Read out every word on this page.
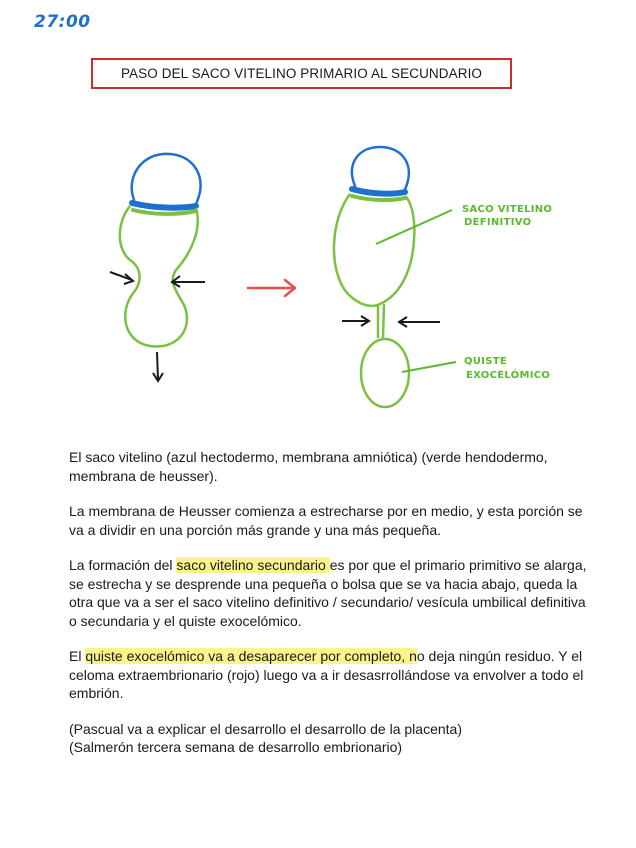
27:00
PASO DEL SACO VITELINO PRIMARIO AL SECUNDARIO
SACO VITELINO
DEFINITIVO
QUISTE
EXOCELÓMICO

El saco vitelino (azul hectodermo, membrana amniótica) (verde hendodermo, membrana de heusser).

La membrana de Heusser comienza a estrecharse por en medio, y esta porción se va a dividir en una porción más grande y una más pequeña.

La formación del saco vitelino secundario es por que el primario primitivo se alarga, se estrecha y se desprende una pequeña o bolsa que se va hacia abajo, queda la otra que va a ser el saco vitelino definitivo / secundario/ vesícula umbilical definitiva o secundaria y el quiste exocelómico.

El quiste exocelómico va a desaparecer por completo, no deja ningún residuo. Y el celoma extraembrionario (rojo) luego va a ir desasrrollándose va envolver a todo el embrión.

(Pascual va a explicar el desarrollo el desarrollo de la placenta)
(Salmerón tercera semana de desarrollo embrionario)
